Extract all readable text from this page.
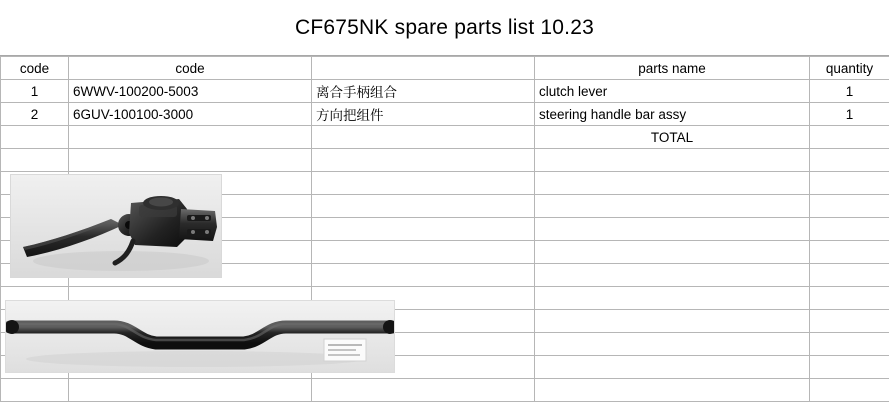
CF675NK spare parts list 10.23
code	code		parts name	quantity
1	6WWV-100200-5003	离合手柄组合	clutch lever	1
2	6GUV-100100-3000	方向把组件	steering handle bar assy	1
			TOTAL	
